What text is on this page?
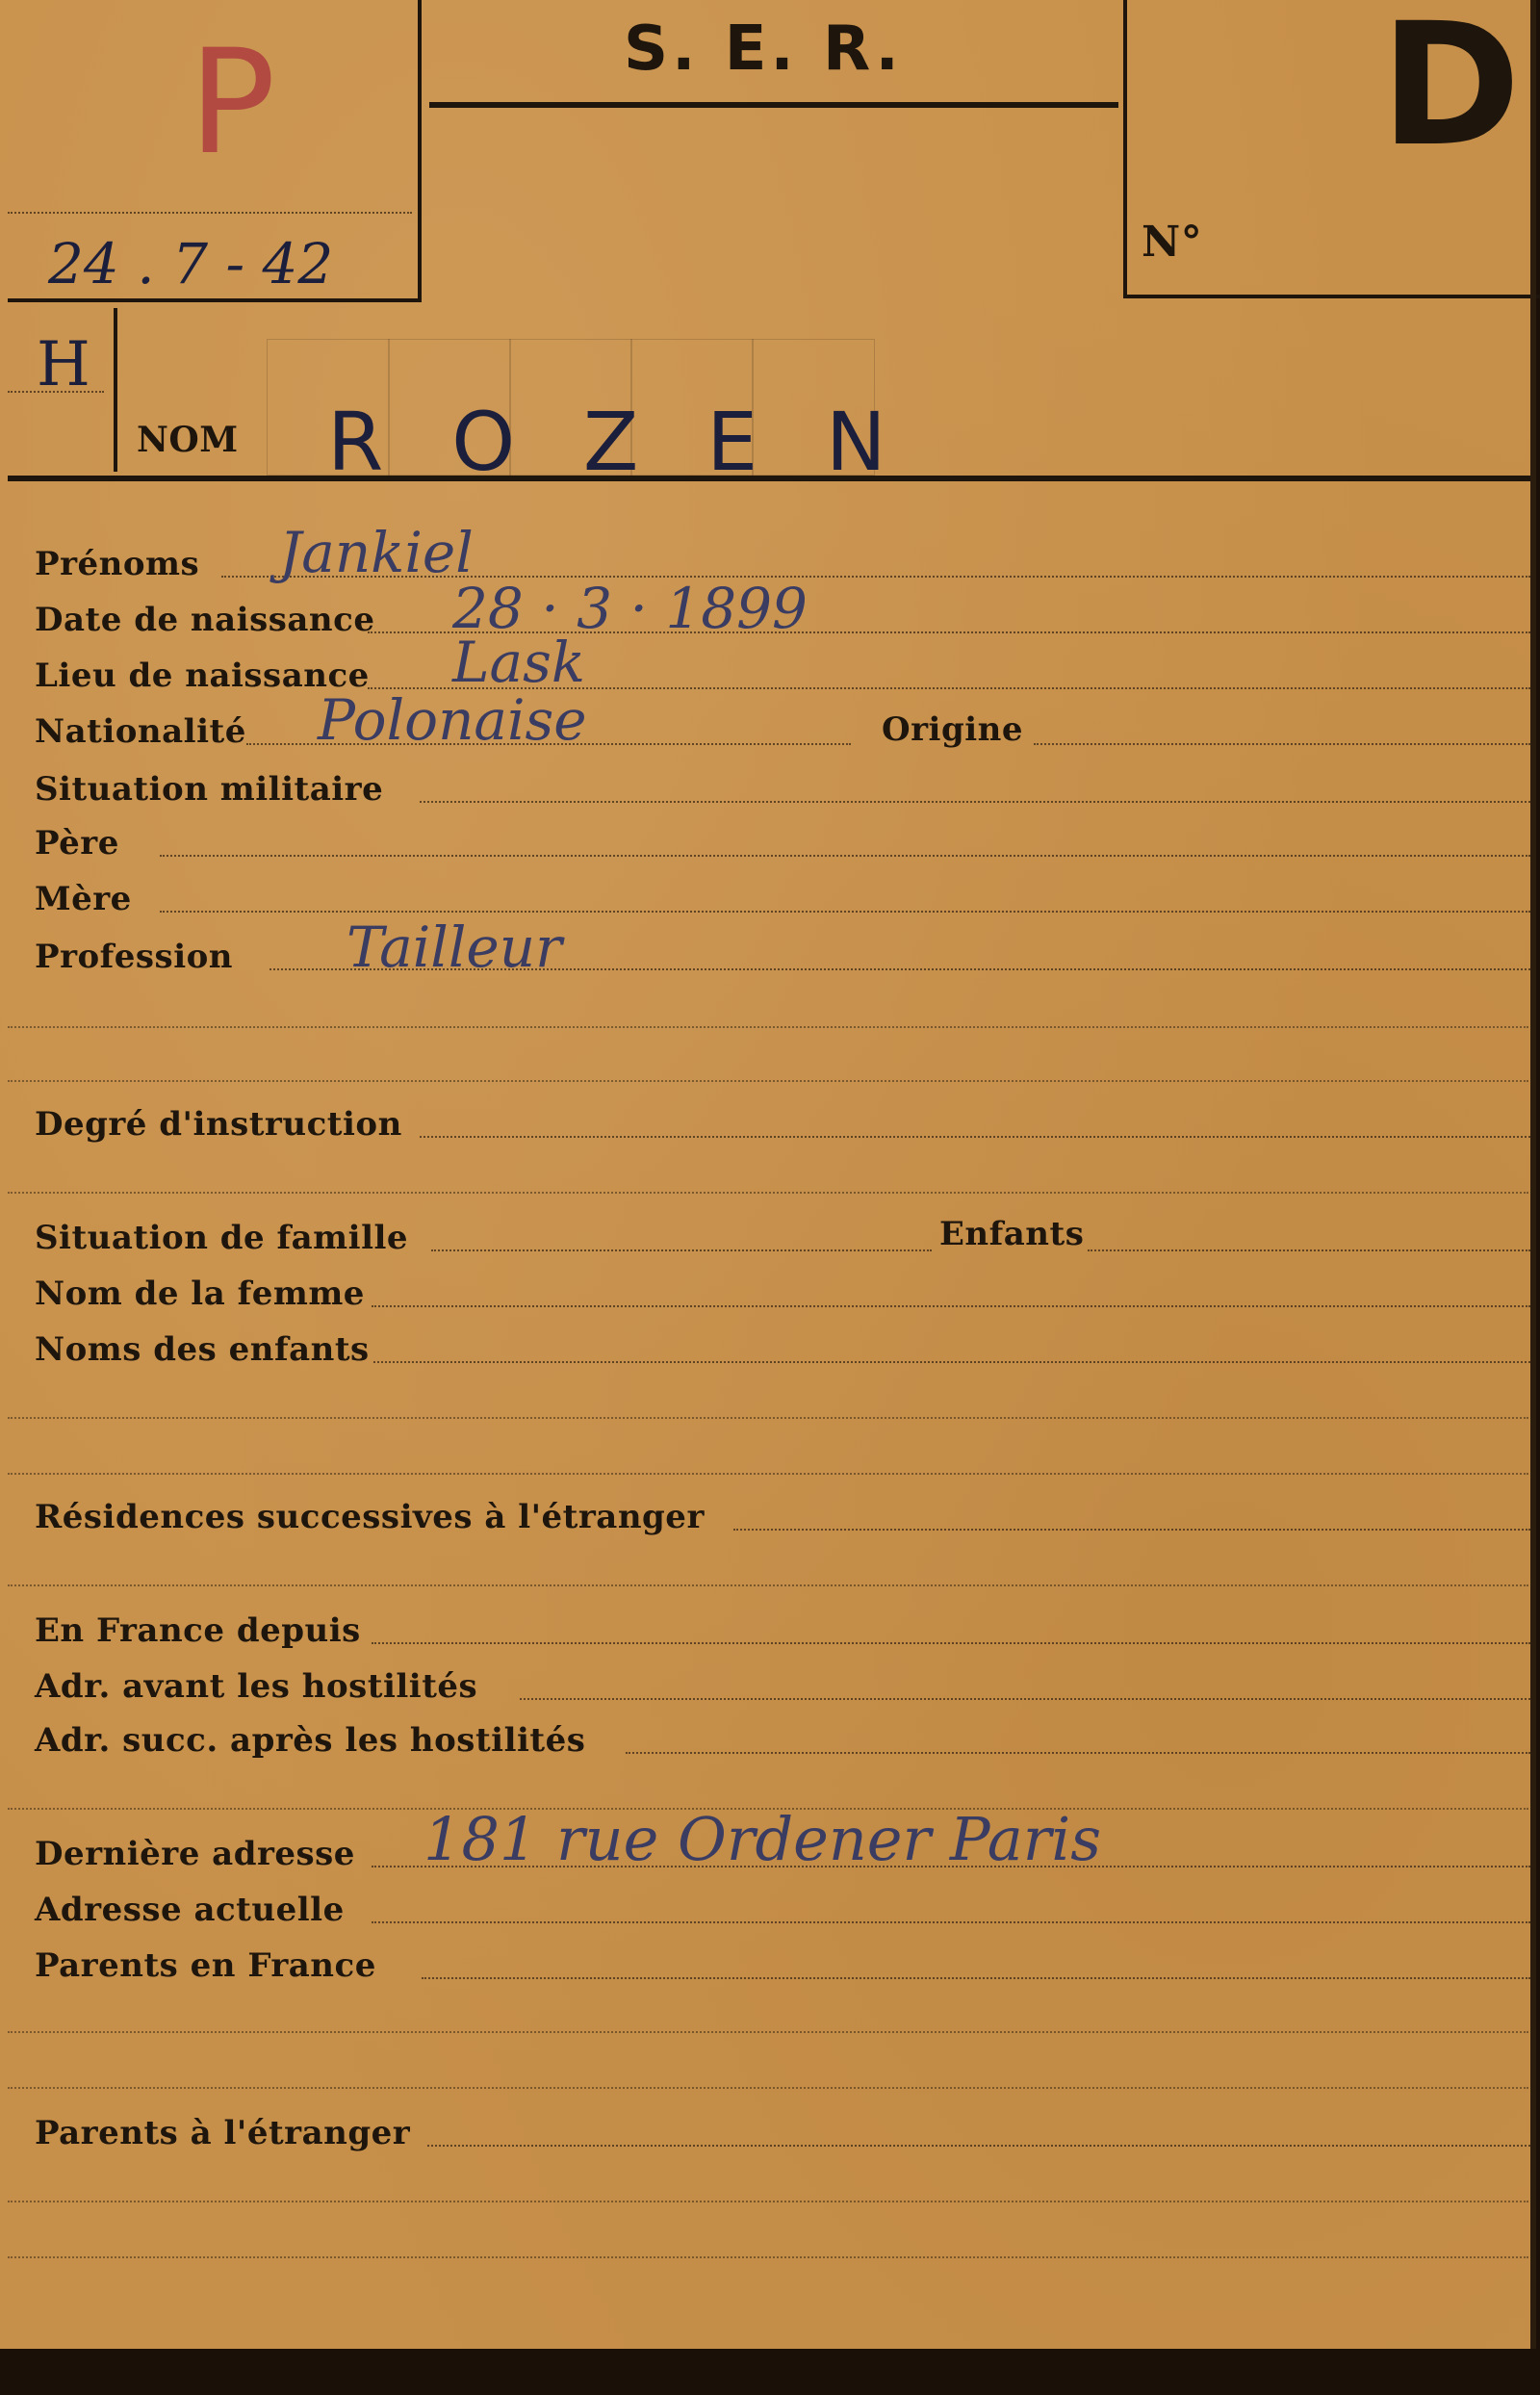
S. E. R.	D
N°
P
24 . 7 - 42
H
NOM R O Z E N
Prénoms Jankiel
Date de naissance 28 · 3 · 1899
Lieu de naissance Lask
Nationalité Polonaise	Origine
Situation militaire
Père
Mère
Profession Tailleur
Degré d'instruction
Situation de famille	Enfants
Nom de la femme
Noms des enfants
Résidences successives à l'étranger
En France depuis
Adr. avant les hostilités
Adr. succ. après les hostilités
Dernière adresse 181 rue Ordener Paris
Adresse actuelle
Parents en France
Parents à l'étranger
